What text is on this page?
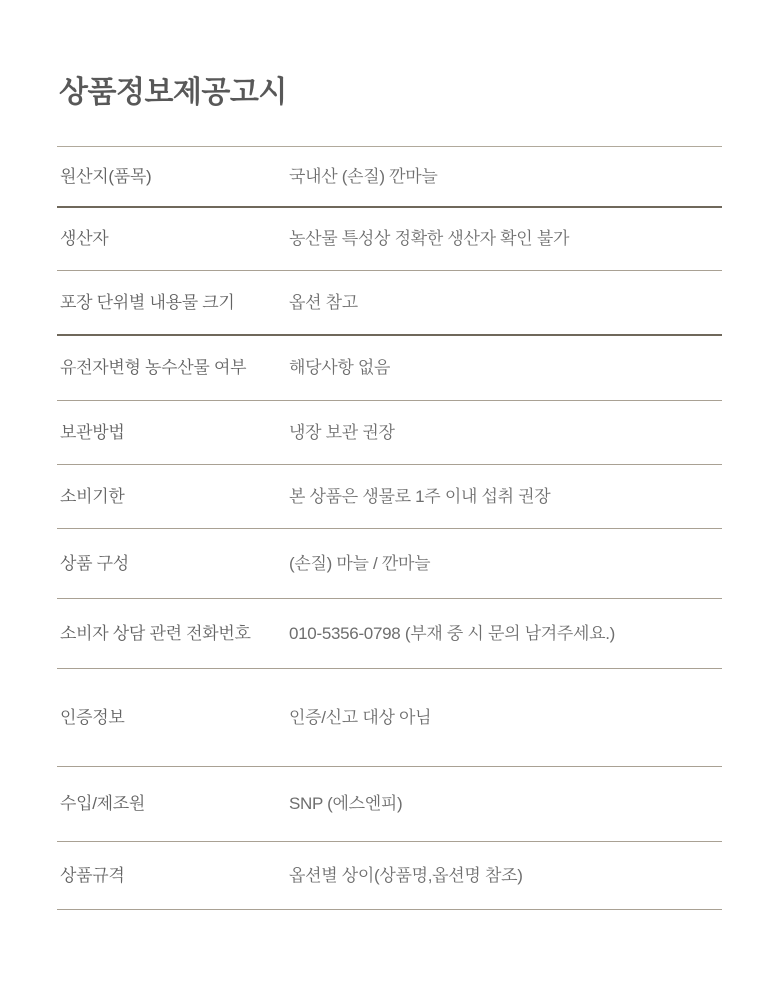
상품정보제공고시
원산지(품목)	국내산 (손질) 깐마늘
생산자	농산물 특성상 정확한 생산자 확인 불가
포장 단위별 내용물 크기	옵션 참고
유전자변형 농수산물 여부	해당사항 없음
보관방법	냉장 보관 권장
소비기한	본 상품은 생물로 1주 이내 섭취 권장
상품 구성	(손질) 마늘 / 깐마늘
소비자 상담 관련 전화번호	010-5356-0798 (부재 중 시 문의 남겨주세요.)
인증정보	인증/신고 대상 아님
수입/제조원	SNP (에스엔피)
상품규격	옵션별 상이(상품명,옵션명 참조)
